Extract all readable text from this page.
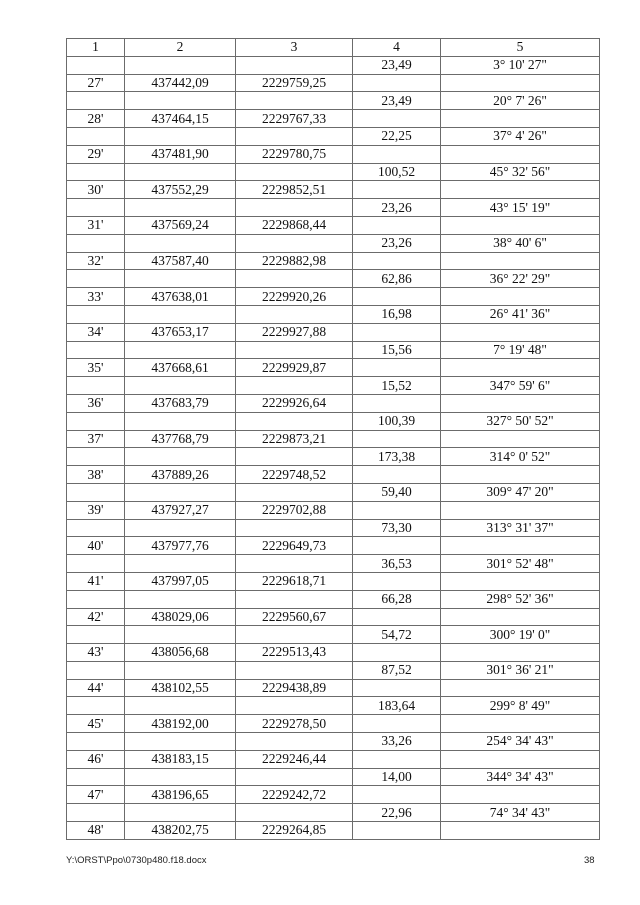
1	2	3	4	5
			23,49	3° 10' 27"
27'	437442,09	2229759,25		
			23,49	20° 7' 26"
28'	437464,15	2229767,33		
			22,25	37° 4' 26"
29'	437481,90	2229780,75		
			100,52	45° 32' 56"
30'	437552,29	2229852,51		
			23,26	43° 15' 19"
31'	437569,24	2229868,44		
			23,26	38° 40' 6"
32'	437587,40	2229882,98		
			62,86	36° 22' 29"
33'	437638,01	2229920,26		
			16,98	26° 41' 36"
34'	437653,17	2229927,88		
			15,56	7° 19' 48"
35'	437668,61	2229929,87		
			15,52	347° 59' 6"
36'	437683,79	2229926,64		
			100,39	327° 50' 52"
37'	437768,79	2229873,21		
			173,38	314° 0' 52"
38'	437889,26	2229748,52		
			59,40	309° 47' 20"
39'	437927,27	2229702,88		
			73,30	313° 31' 37"
40'	437977,76	2229649,73		
			36,53	301° 52' 48"
41'	437997,05	2229618,71		
			66,28	298° 52' 36"
42'	438029,06	2229560,67		
			54,72	300° 19' 0"
43'	438056,68	2229513,43		
			87,52	301° 36' 21"
44'	438102,55	2229438,89		
			183,64	299° 8' 49"
45'	438192,00	2229278,50		
			33,26	254° 34' 43"
46'	438183,15	2229246,44		
			14,00	344° 34' 43"
47'	438196,65	2229242,72		
			22,96	74° 34' 43"
48'	438202,75	2229264,85		
Y:\ORST\Ppo\0730p480.f18.docx	38
